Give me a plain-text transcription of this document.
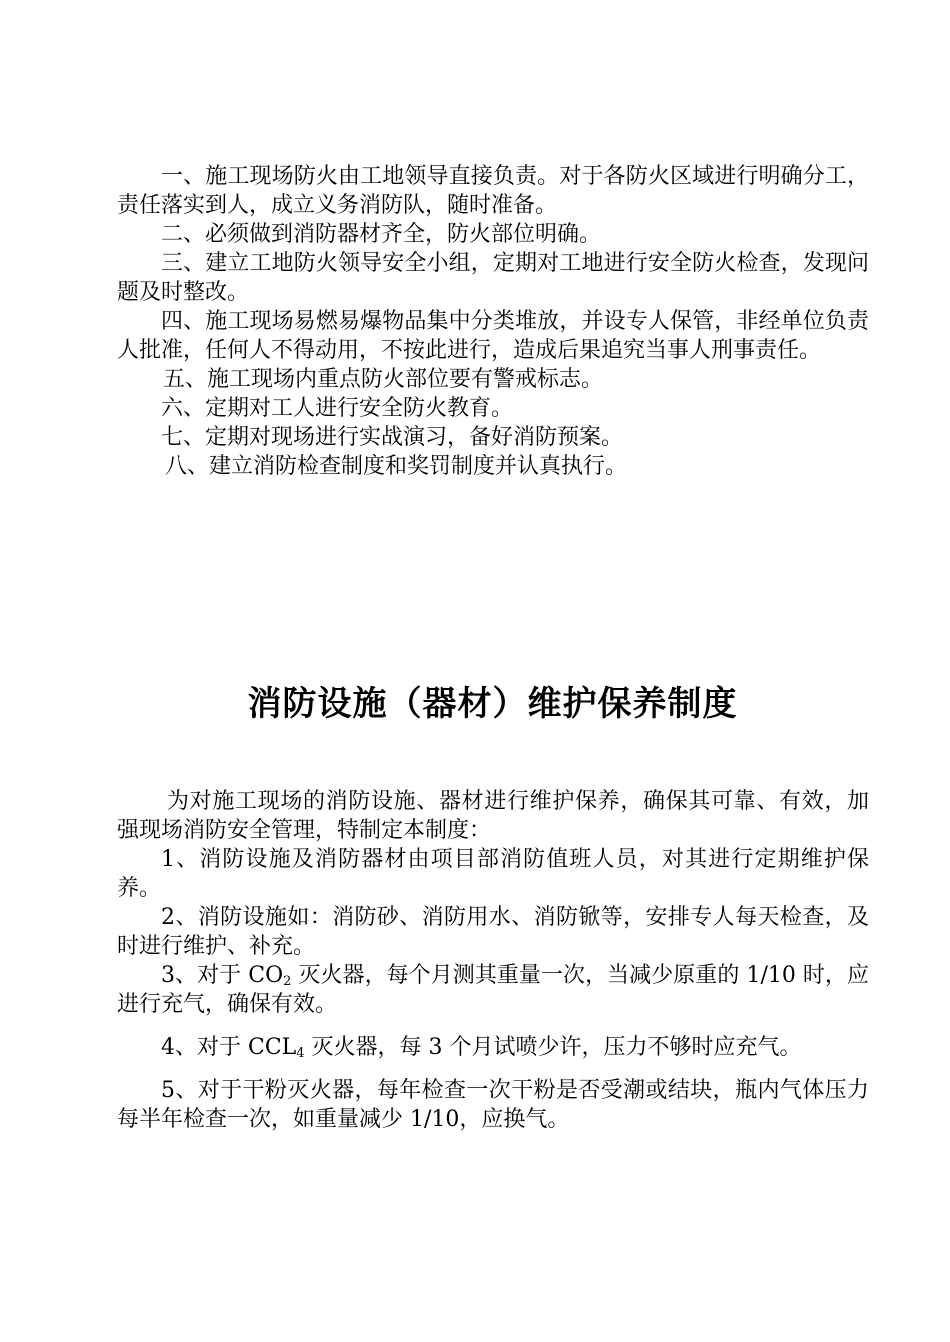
一、施工现场防火由工地领导直接负责。对于各防火区域进行明确分工，责任落实到人，成立义务消防队，随时准备。

二、必须做到消防器材齐全，防火部位明确。

三、建立工地防火领导安全小组，定期对工地进行安全防火检查，发现问题及时整改。

四、施工现场易燃易爆物品集中分类堆放，并设专人保管，非经单位负责人批准，任何人不得动用，不按此进行，造成后果追究当事人刑事责任。

五、施工现场内重点防火部位要有警戒标志。

六、定期对工人进行安全防火教育。

七、定期对现场进行实战演习，备好消防预案。

八、建立消防检查制度和奖罚制度并认真执行。

消防设施（器材）维护保养制度

为对施工现场的消防设施、器材进行维护保养，确保其可靠、有效，加强现场消防安全管理，特制定本制度：

1、消防设施及消防器材由项目部消防值班人员，对其进行定期维护保养。

2、消防设施如：消防砂、消防用水、消防锨等，安排专人每天检查，及时进行维护、补充。

3、对于 $CO_2$ 灭火器，每个月测其重量一次，当减少原重的 1/10 时，应进行充气，确保有效。

4、对于 $CCL_4$ 灭火器，每 3 个月试喷少许，压力不够时应充气。

5、对于干粉灭火器，每年检查一次干粉是否受潮或结块，瓶内气体压力每半年检查一次，如重量减少 1/10，应换气。
